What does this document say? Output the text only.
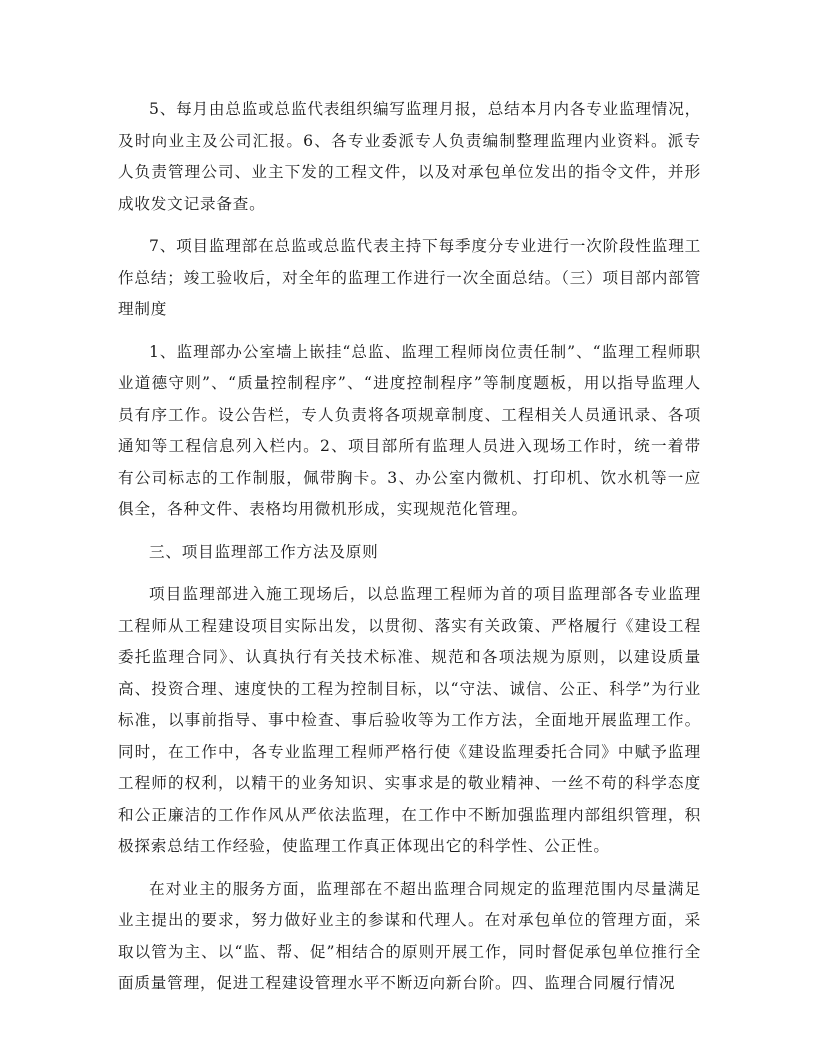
5、每月由总监或总监代表组织编写监理月报，总结本月内各专业监理情况，及时向业主及公司汇报。6、各专业委派专人负责编制整理监理内业资料。派专人负责管理公司、业主下发的工程文件，以及对承包单位发出的指令文件，并形成收发文记录备查。

7、项目监理部在总监或总监代表主持下每季度分专业进行一次阶段性监理工作总结；竣工验收后，对全年的监理工作进行一次全面总结。（三）项目部内部管理制度

1、监理部办公室墙上嵌挂“总监、监理工程师岗位责任制”、“监理工程师职业道德守则”、“质量控制程序”、“进度控制程序”等制度题板，用以指导监理人员有序工作。设公告栏，专人负责将各项规章制度、工程相关人员通讯录、各项通知等工程信息列入栏内。2、项目部所有监理人员进入现场工作时，统一着带有公司标志的工作制服，佩带胸卡。3、办公室内微机、打印机、饮水机等一应俱全，各种文件、表格均用微机形成，实现规范化管理。

三、项目监理部工作方法及原则

项目监理部进入施工现场后，以总监理工程师为首的项目监理部各专业监理工程师从工程建设项目实际出发，以贯彻、落实有关政策、严格履行《建设工程委托监理合同》、认真执行有关技术标准、规范和各项法规为原则，以建设质量高、投资合理、速度快的工程为控制目标，以“守法、诚信、公正、科学”为行业标准，以事前指导、事中检查、事后验收等为工作方法，全面地开展监理工作。同时，在工作中，各专业监理工程师严格行使《建设监理委托合同》中赋予监理工程师的权利，以精干的业务知识、实事求是的敬业精神、一丝不苟的科学态度和公正廉洁的工作作风从严依法监理，在工作中不断加强监理内部组织管理，积极探索总结工作经验，使监理工作真正体现出它的科学性、公正性。

在对业主的服务方面，监理部在不超出监理合同规定的监理范围内尽量满足业主提出的要求，努力做好业主的参谋和代理人。在对承包单位的管理方面，采取以管为主、以“监、帮、促”相结合的原则开展工作，同时督促承包单位推行全面质量管理，促进工程建设管理水平不断迈向新台阶。四、监理合同履行情况
